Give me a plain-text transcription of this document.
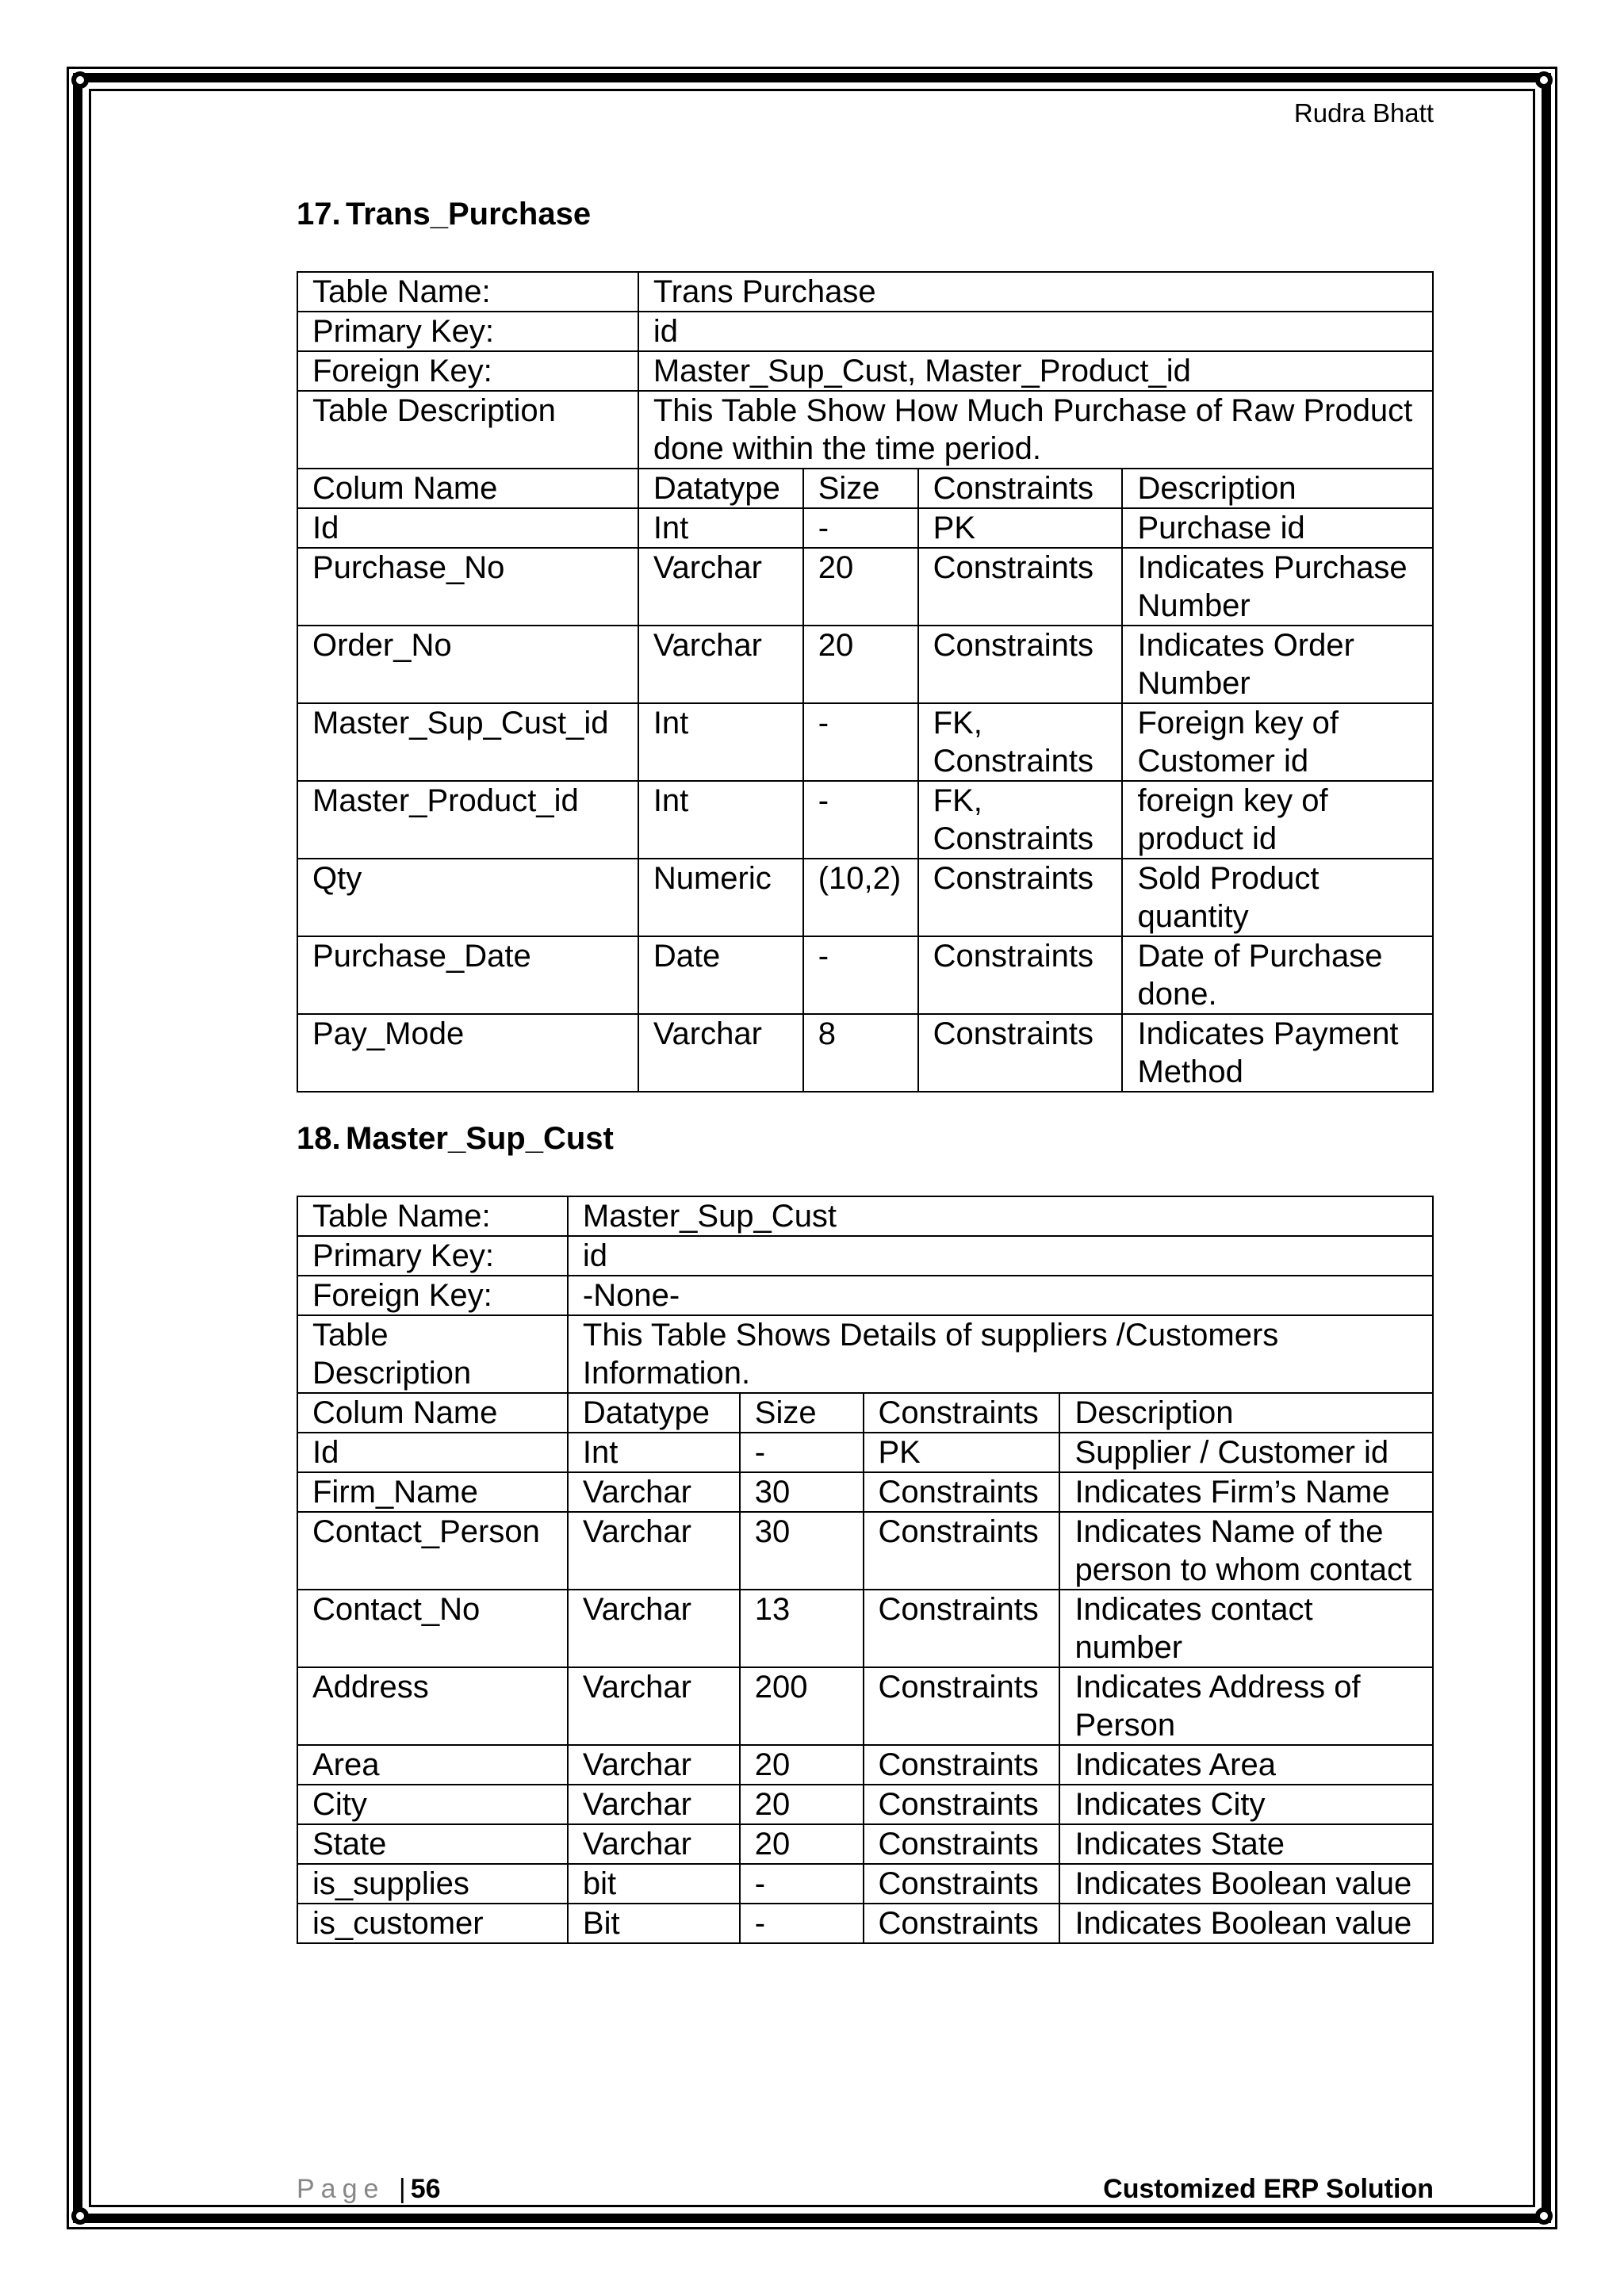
Rudra Bhatt
17. Trans_Purchase
Table Name:	Trans Purchase			
Primary Key:	id			
Foreign Key:	Master_Sup_Cust, Master_Product_id			
Table Description	This Table Show How Much Purchase of Raw Product done within the time period.			
Colum Name	Datatype	Size	Constraints	Description
Id	Int	-	PK	Purchase id
Purchase_No	Varchar	20	Constraints	Indicates Purchase Number
Order_No	Varchar	20	Constraints	Indicates Order Number
Master_Sup_Cust_id	Int	-	FK, Constraints	Foreign key of Customer id
Master_Product_id	Int	-	FK, Constraints	foreign key of product id
Qty	Numeric	(10,2)	Constraints	Sold Product quantity
Purchase_Date	Date	-	Constraints	Date of Purchase done.
Pay_Mode	Varchar	8	Constraints	Indicates Payment Method
18. Master_Sup_Cust
Table Name:	Master_Sup_Cust			
Primary Key:	id			
Foreign Key:	-None-			
Table Description	This Table Shows Details of suppliers /Customers Information.			
Colum Name	Datatype	Size	Constraints	Description
Id	Int	-	PK	Supplier / Customer id
Firm_Name	Varchar	30	Constraints	Indicates Firm’s Name
Contact_Person	Varchar	30	Constraints	Indicates Name of the person to whom contact
Contact_No	Varchar	13	Constraints	Indicates contact number
Address	Varchar	200	Constraints	Indicates Address of Person
Area	Varchar	20	Constraints	Indicates Area
City	Varchar	20	Constraints	Indicates City
State	Varchar	20	Constraints	Indicates State
is_supplies	bit	-	Constraints	Indicates Boolean value
is_customer	Bit	-	Constraints	Indicates Boolean value
Page | 56	Customized ERP Solution
